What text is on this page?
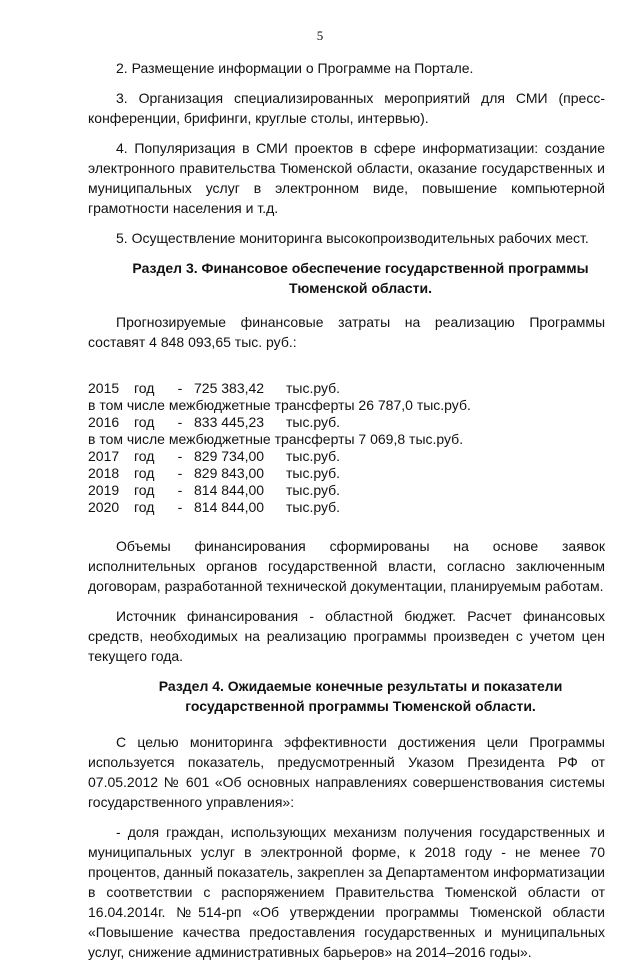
5

2. Размещение информации о Программе на Портале.

3. Организация специализированных мероприятий для СМИ (пресс-конференции, брифинги, круглые столы, интервью).

4. Популяризация в СМИ проектов в сфере информатизации: создание электронного правительства Тюменской области, оказание государственных и муниципальных услуг в электронном виде, повышение компьютерной грамотности населения и т.д.

5. Осуществление мониторинга высокопроизводительных рабочих мест.

Раздел 3. Финансовое обеспечение государственной программы Тюменской области.

Прогнозируемые финансовые затраты на реализацию Программы составят 4 848 093,65 тыс. руб.:

2015	год	- 725 383,42	тыс.руб.
в том числе межбюджетные трансферты 26 787,0 тыс.руб.
2016	год	- 833 445,23	тыс.руб.
в том числе межбюджетные трансферты 7 069,8 тыс.руб.
2017	год	- 829 734,00	тыс.руб.
2018	год	- 829 843,00	тыс.руб.
2019	год	- 814 844,00	тыс.руб.
2020	год	- 814 844,00	тыс.руб.

Объемы финансирования сформированы на основе заявок исполнительных органов государственной власти, согласно заключенным договорам, разработанной технической документации, планируемым работам.

Источник финансирования - областной бюджет. Расчет финансовых средств, необходимых на реализацию программы произведен с учетом цен текущего года.

Раздел 4. Ожидаемые конечные результаты и показатели государственной программы Тюменской области.

С целью мониторинга эффективности достижения цели Программы используется показатель, предусмотренный Указом Президента РФ от 07.05.2012 № 601 «Об основных направлениях совершенствования системы государственного управления»:

- доля граждан, использующих механизм получения государственных и муниципальных услуг в электронной форме, к 2018 году - не менее 70 процентов, данный показатель, закреплен за Департаментом информатизации в соответствии с распоряжением Правительства Тюменской области от 16.04.2014г. №514-рп «Об утверждении программы Тюменской области «Повышение качества предоставления государственных и муниципальных услуг, снижение административных барьеров» на 2014–2016 годы».
